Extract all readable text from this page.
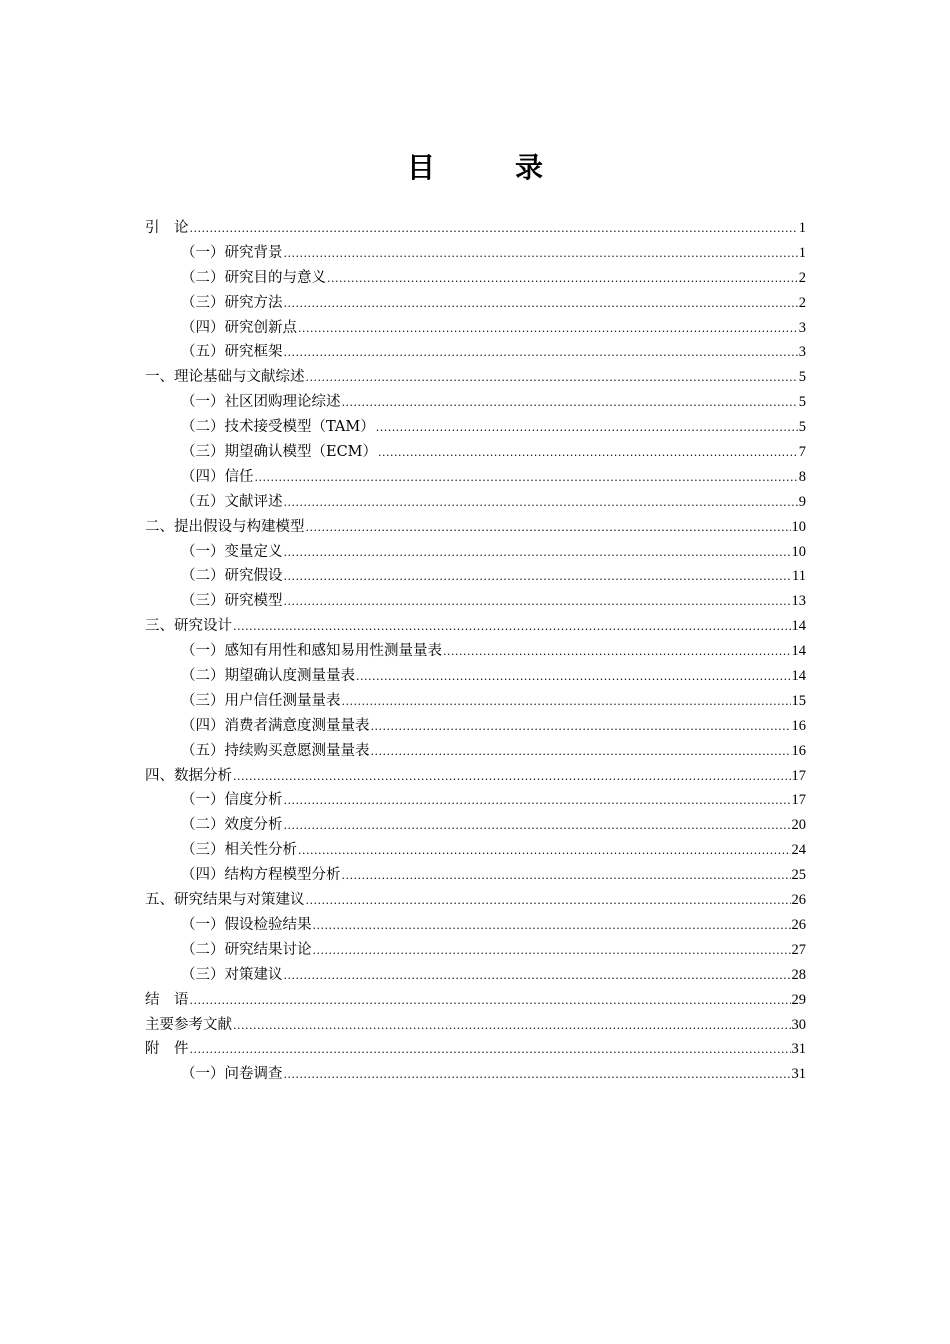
目　录
引　论 .....	1
（一）研究背景 .....	1
（二）研究目的与意义 .....	2
（三）研究方法 .....	2
（四）研究创新点 .....	3
（五）研究框架 .....	3
一、理论基础与文献综述 .....	5
（一）社区团购理论综述 .....	5
（二）技术接受模型（TAM） .....	5
（三）期望确认模型（ECM） .....	7
（四）信任 .....	8
（五）文献评述 .....	9
二、提出假设与构建模型 .....	10
（一）变量定义 .....	10
（二）研究假设 .....	11
（三）研究模型 .....	13
三、研究设计 .....	14
（一）感知有用性和感知易用性测量量表 .....	14
（二）期望确认度测量量表 .....	14
（三）用户信任测量量表 .....	15
（四）消费者满意度测量量表 .....	16
（五）持续购买意愿测量量表 .....	16
四、数据分析 .....	17
（一）信度分析 .....	17
（二）效度分析 .....	20
（三）相关性分析 .....	24
（四）结构方程模型分析 .....	25
五、研究结果与对策建议 .....	26
（一）假设检验结果 .....	26
（二）研究结果讨论 .....	27
（三）对策建议 .....	28
结　语 .....	29
主要参考文献 .....	30
附　件 .....	31
（一）问卷调查 .....	31
